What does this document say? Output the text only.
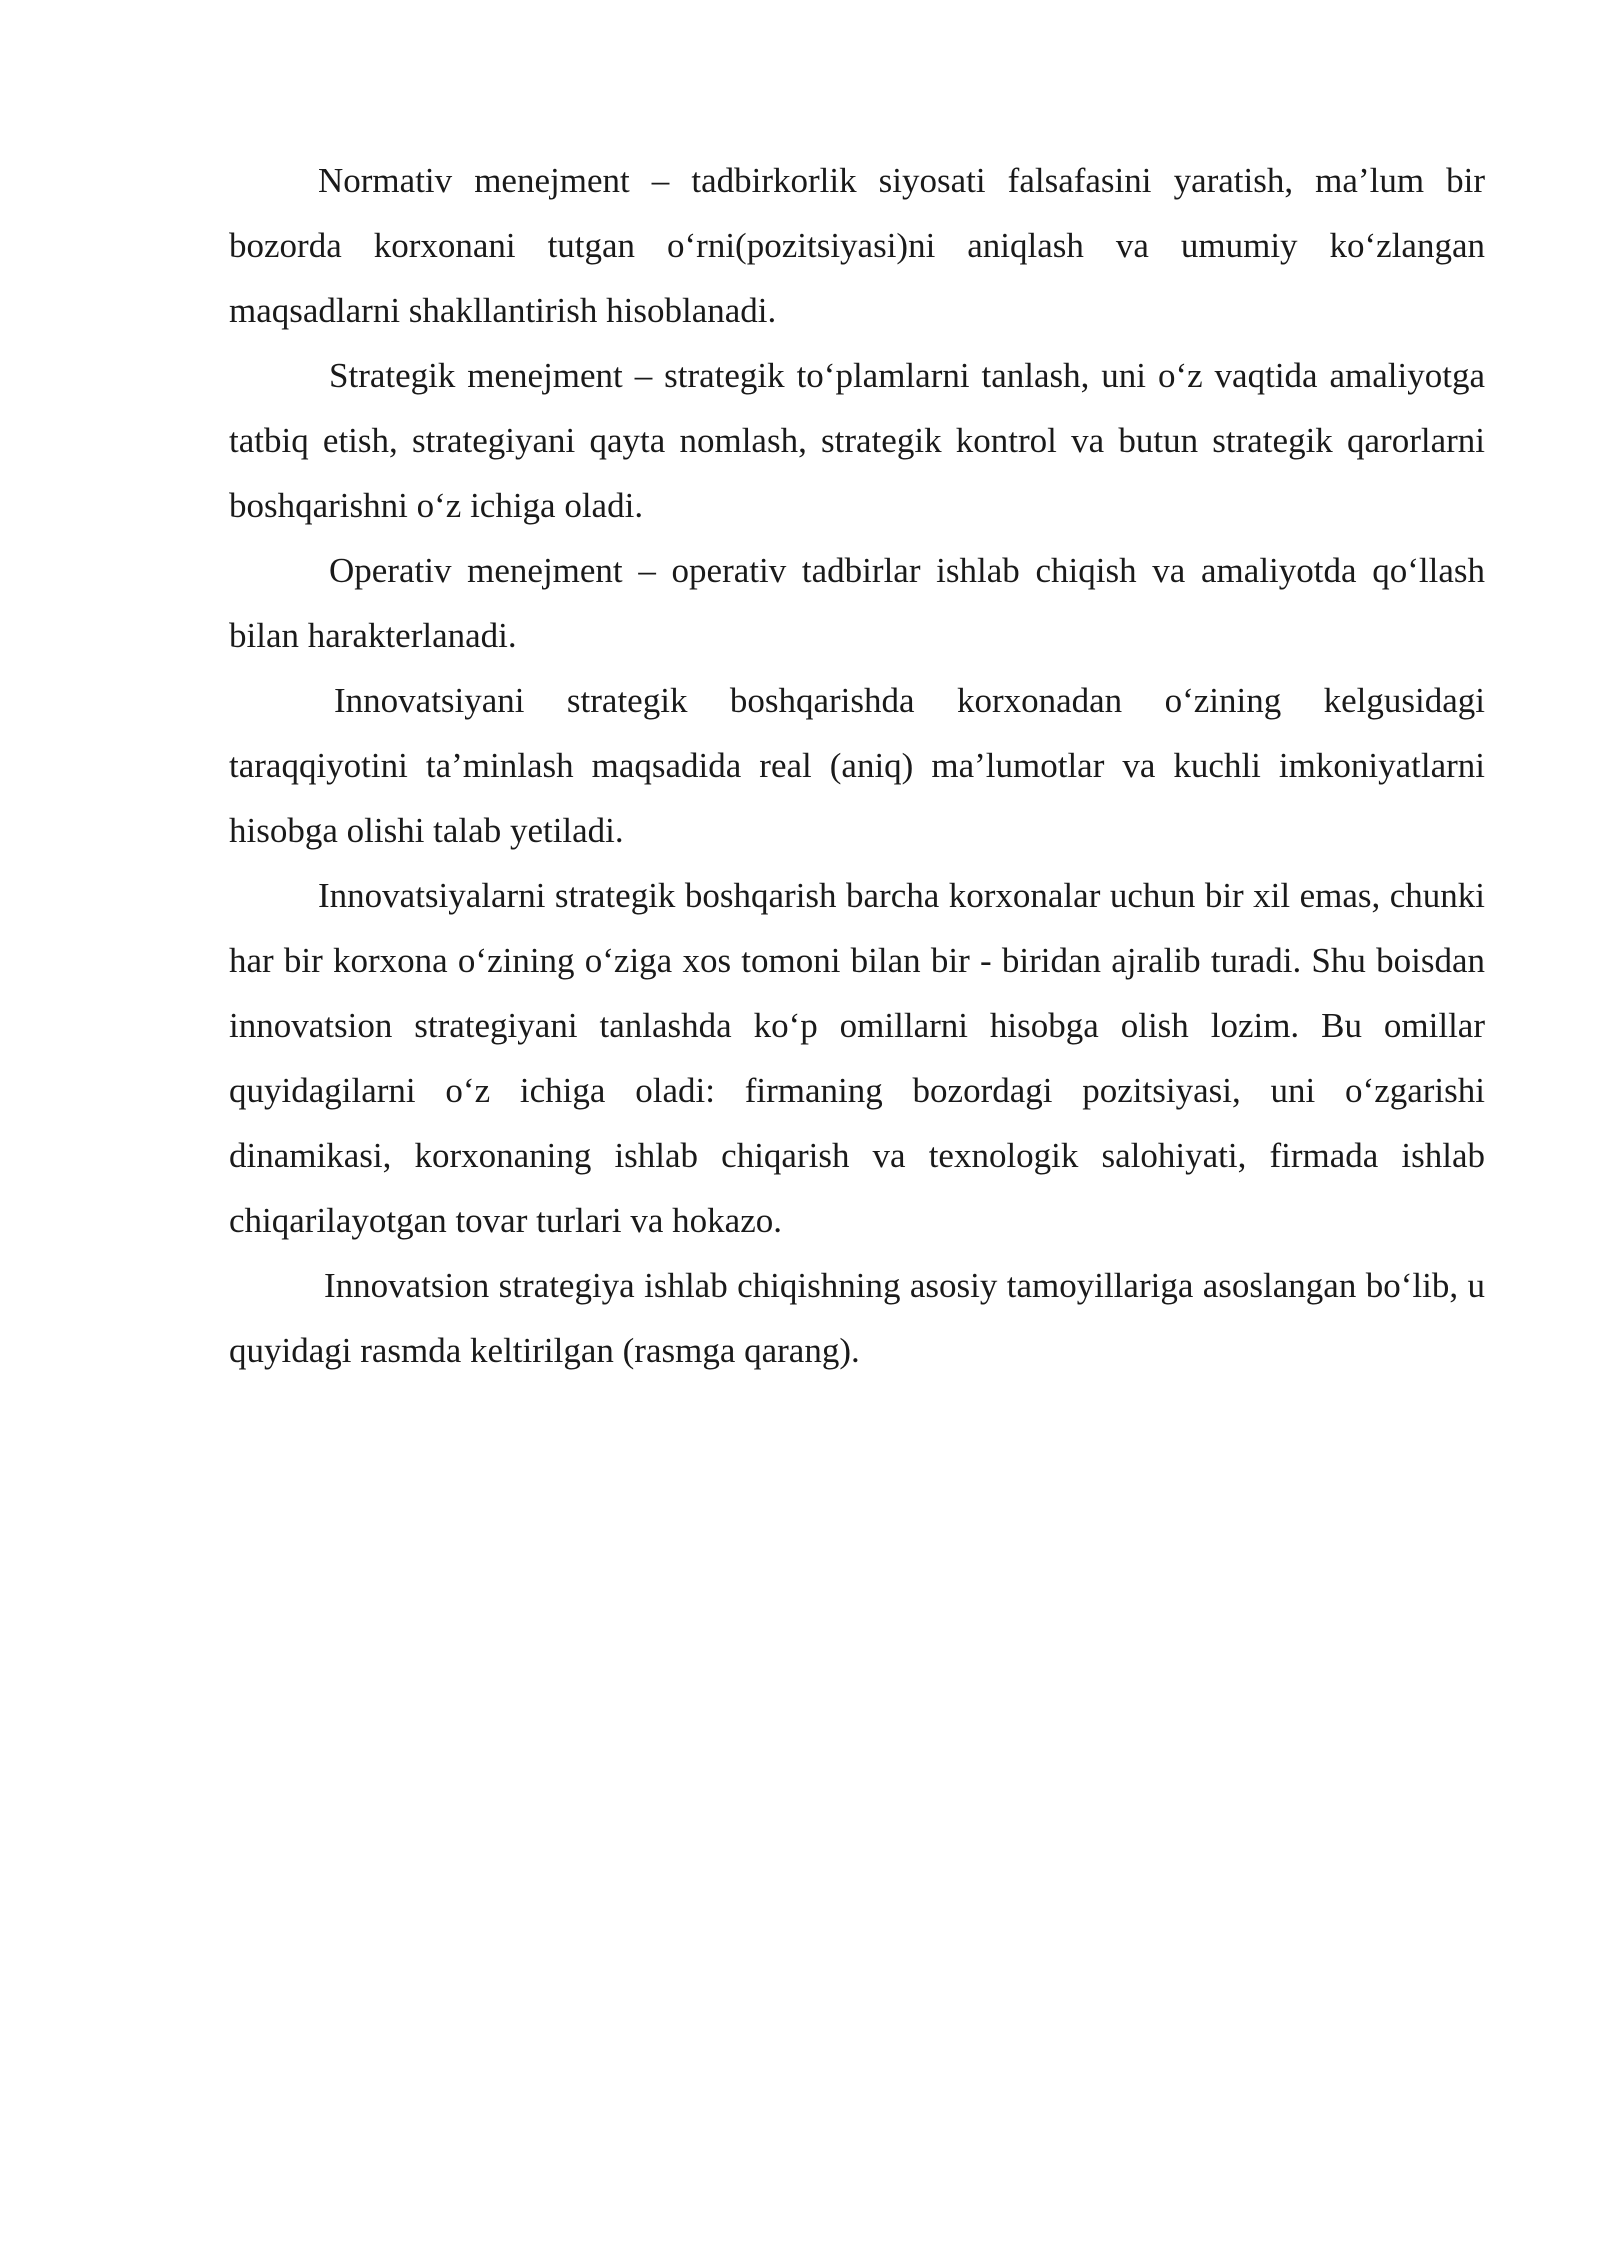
Normativ menejment – tadbirkorlik siyosati falsafasini yaratish, ma’lum bir bozorda korxonani tutgan o‘rni(pozitsiyasi)ni aniqlash va umumiy ko‘zlangan maqsadlarni shakllantirish hisoblanadi.

Strategik menejment – strategik to‘plamlarni tanlash, uni o‘z vaqtida amaliyotga tatbiq etish, strategiyani qayta nomlash, strategik kontrol va butun strategik qarorlarni boshqarishni o‘z ichiga oladi.

Operativ menejment – operativ tadbirlar ishlab chiqish va amaliyotda qo‘llash bilan harakterlanadi.

Innovatsiyani strategik boshqarishda korxonadan o‘zining kelgusidagi taraqqiyotini ta’minlash maqsadida real (aniq) ma’lumotlar va kuchli imkoniyatlarni hisobga olishi talab yetiladi.

Innovatsiyalarni strategik boshqarish barcha korxonalar uchun bir xil emas, chunki har bir korxona o‘zining o‘ziga xos tomoni bilan bir - biridan ajralib turadi. Shu boisdan innovatsion strategiyani tanlashda ko‘p omillarni hisobga olish lozim. Bu omillar quyidagilarni o‘z ichiga oladi: firmaning bozordagi pozitsiyasi, uni o‘zgarishi dinamikasi, korxonaning ishlab chiqarish va texnologik salohiyati, firmada ishlab chiqarilayotgan tovar turlari va hokazo.

Innovatsion strategiya ishlab chiqishning asosiy tamoyillariga asoslangan bo‘lib, u quyidagi rasmda keltirilgan (rasmga qarang).
